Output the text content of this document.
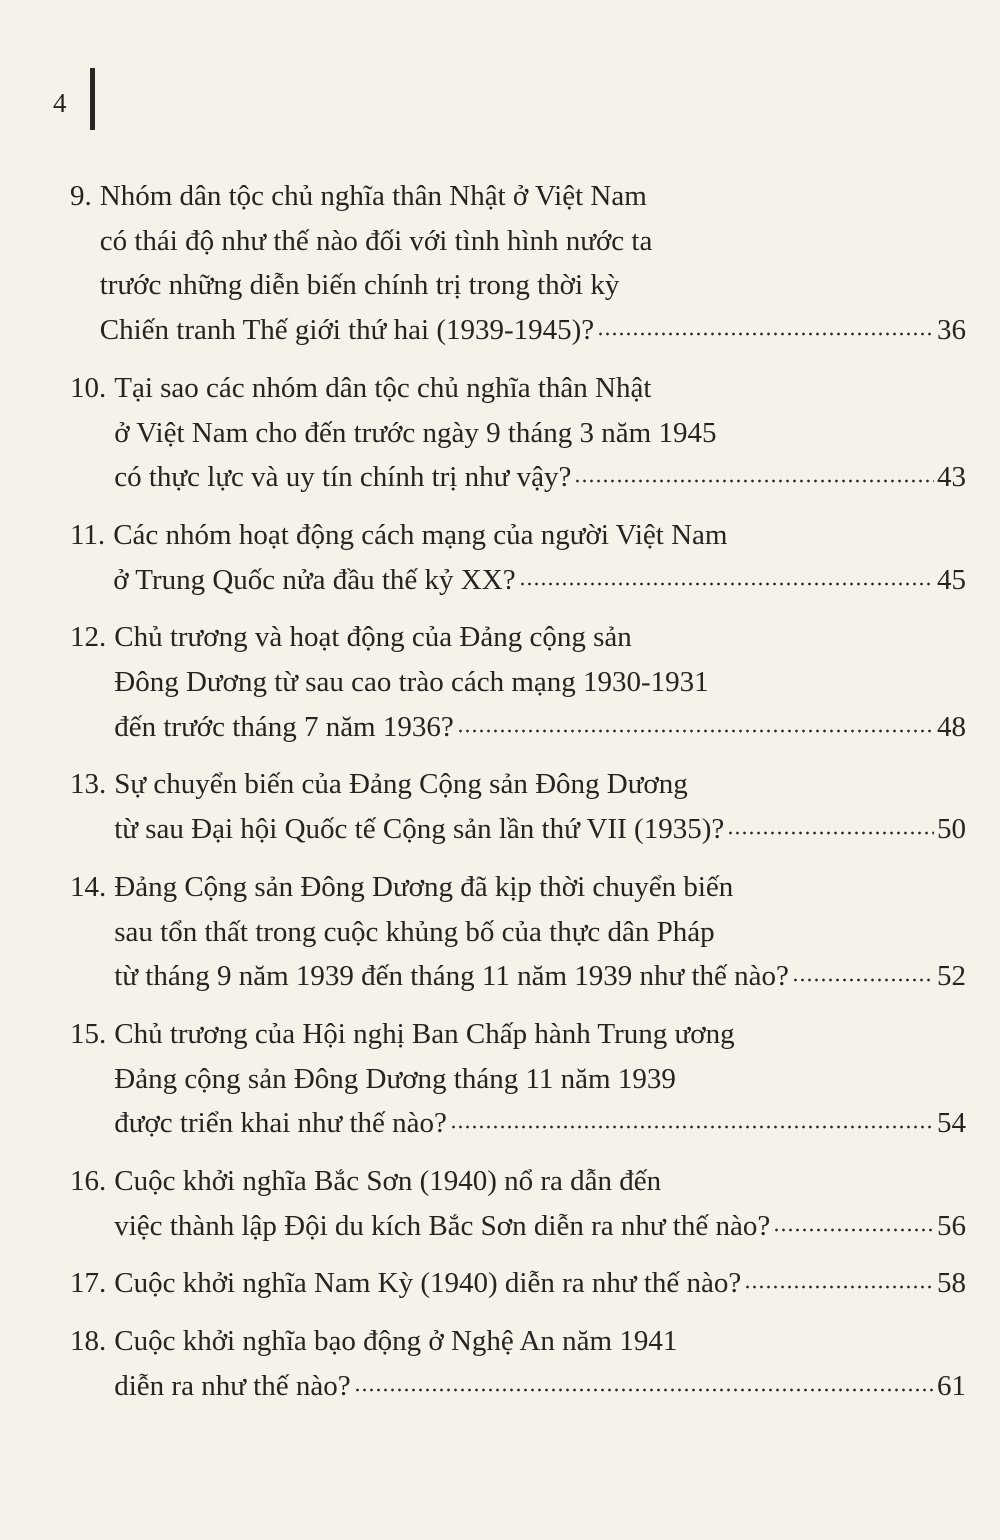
4
9. Nhóm dân tộc chủ nghĩa thân Nhật ở Việt Nam
có thái độ như thế nào đối với tình hình nước ta
trước những diễn biến chính trị trong thời kỳ
Chiến tranh Thế giới thứ hai (1939-1945)?	36
10. Tại sao các nhóm dân tộc chủ nghĩa thân Nhật
ở Việt Nam cho đến trước ngày 9 tháng 3 năm 1945
có thực lực và uy tín chính trị như vậy?	43
11. Các nhóm hoạt động cách mạng của người Việt Nam
ở Trung Quốc nửa đầu thế kỷ XX?	45
12. Chủ trương và hoạt động của Đảng cộng sản
Đông Dương từ sau cao trào cách mạng 1930-1931
đến trước tháng 7 năm 1936?	48
13. Sự chuyển biến của Đảng Cộng sản Đông Dương
từ sau Đại hội Quốc tế Cộng sản lần thứ VII (1935)?	50
14. Đảng Cộng sản Đông Dương đã kịp thời chuyển biến
sau tổn thất trong cuộc khủng bố của thực dân Pháp
từ tháng 9 năm 1939 đến tháng 11 năm 1939 như thế nào?	52
15. Chủ trương của Hội nghị Ban Chấp hành Trung ương
Đảng cộng sản Đông Dương tháng 11 năm 1939
được triển khai như thế nào?	54
16. Cuộc khởi nghĩa Bắc Sơn (1940) nổ ra dẫn đến
việc thành lập Đội du kích Bắc Sơn diễn ra như thế nào?	56
17. Cuộc khởi nghĩa Nam Kỳ (1940) diễn ra như thế nào?	58
18. Cuộc khởi nghĩa bạo động ở Nghệ An năm 1941
diễn ra như thế nào?	61
